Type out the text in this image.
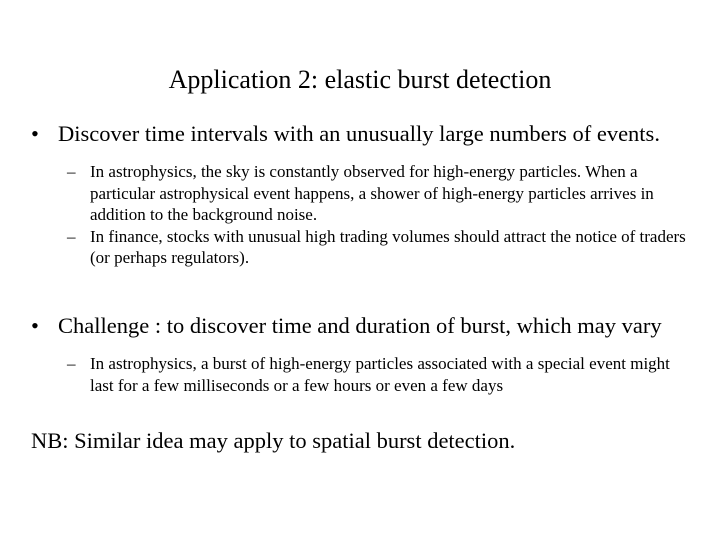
Application 2: elastic burst detection
• Discover time intervals with an unusually large numbers of events.
– In astrophysics, the sky is constantly observed for high-energy particles. When a particular astrophysical event happens, a shower of high-energy particles arrives in addition to the background noise.
– In finance, stocks with unusual high trading volumes should attract the notice of traders (or perhaps regulators).
• Challenge : to discover time and duration of burst, which may vary
– In astrophysics, a burst of high-energy particles associated with a special event might last for a few milliseconds or a few hours or even a few days
NB: Similar idea may apply to spatial burst detection.
